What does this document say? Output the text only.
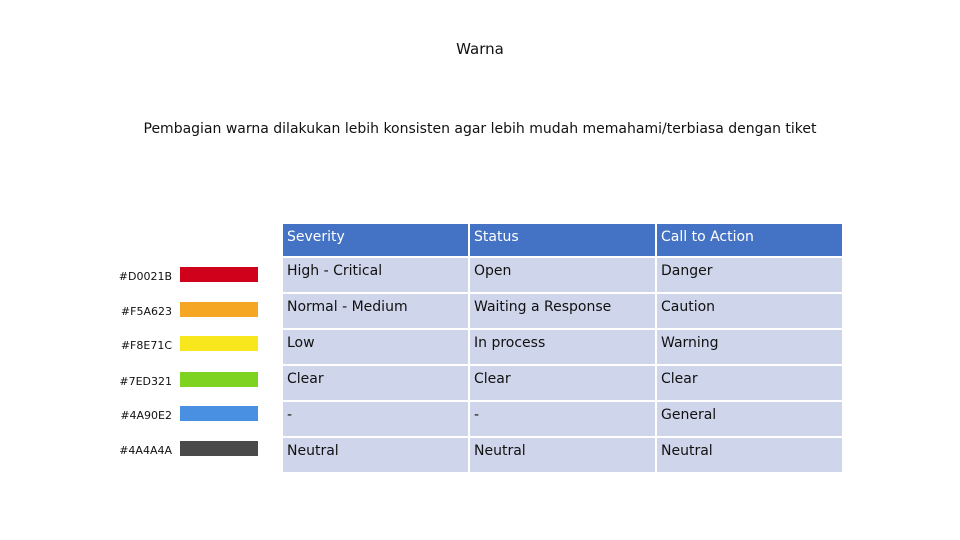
Warna
Pembagian warna dilakukan lebih konsisten agar lebih mudah memahami/terbiasa dengan tiket
#D0021B
#F5A623
#F8E71C
#7ED321
#4A90E2
#4A4A4A
Severity	Status	Call to Action
High - Critical	Open	Danger
Normal - Medium	Waiting a Response	Caution
Low	In process	Warning
Clear	Clear	Clear
-	-	General
Neutral	Neutral	Neutral
